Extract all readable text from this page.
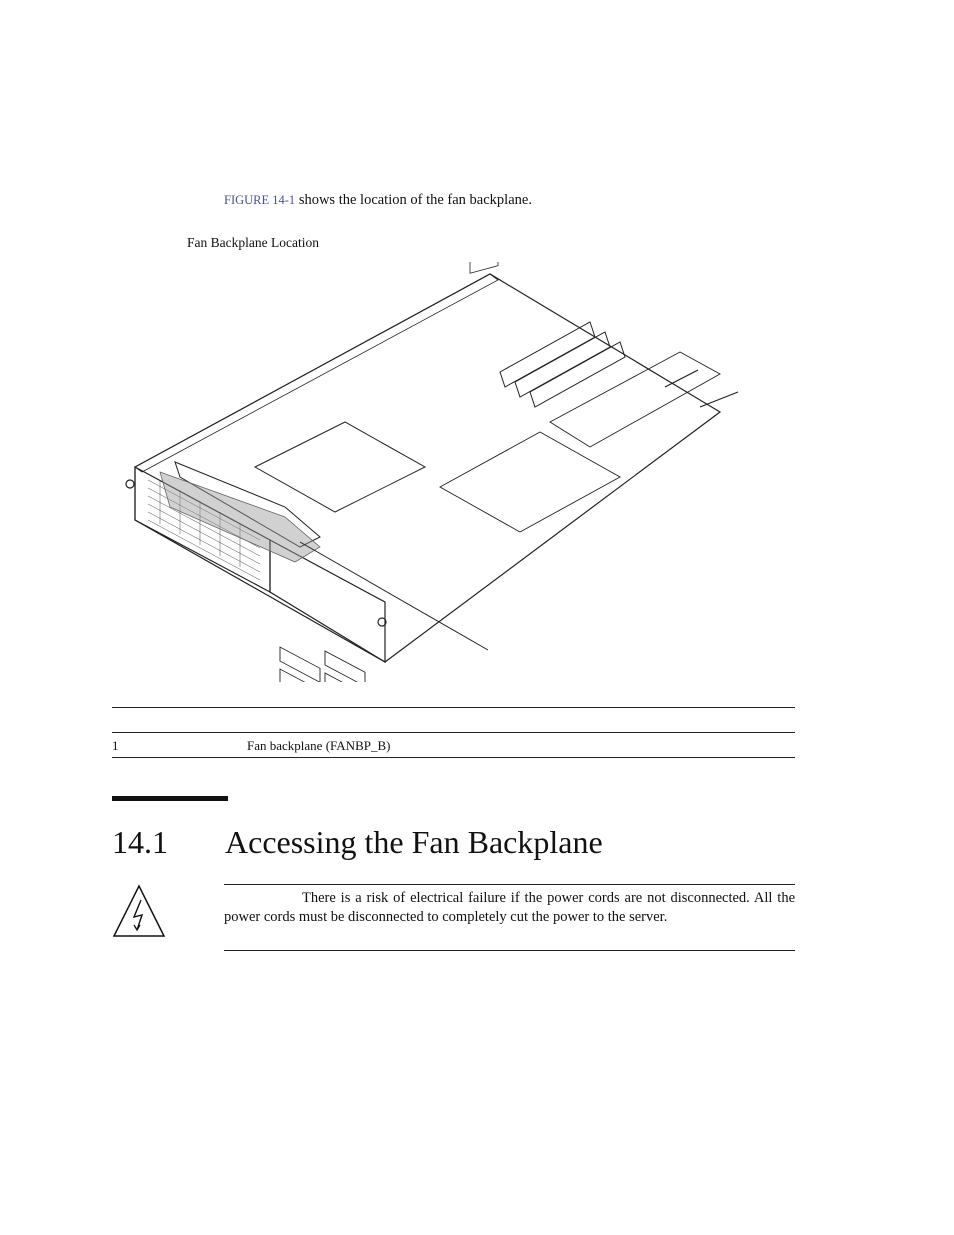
FIGURE 14-1 shows the location of the fan backplane.

Fan Backplane Location
1	Fan backplane (FANBP_B)
14.1 Accessing the Fan Backplane
There is a risk of electrical failure if the power cords are not disconnected. All the power cords must be disconnected to completely cut the power to the server.
